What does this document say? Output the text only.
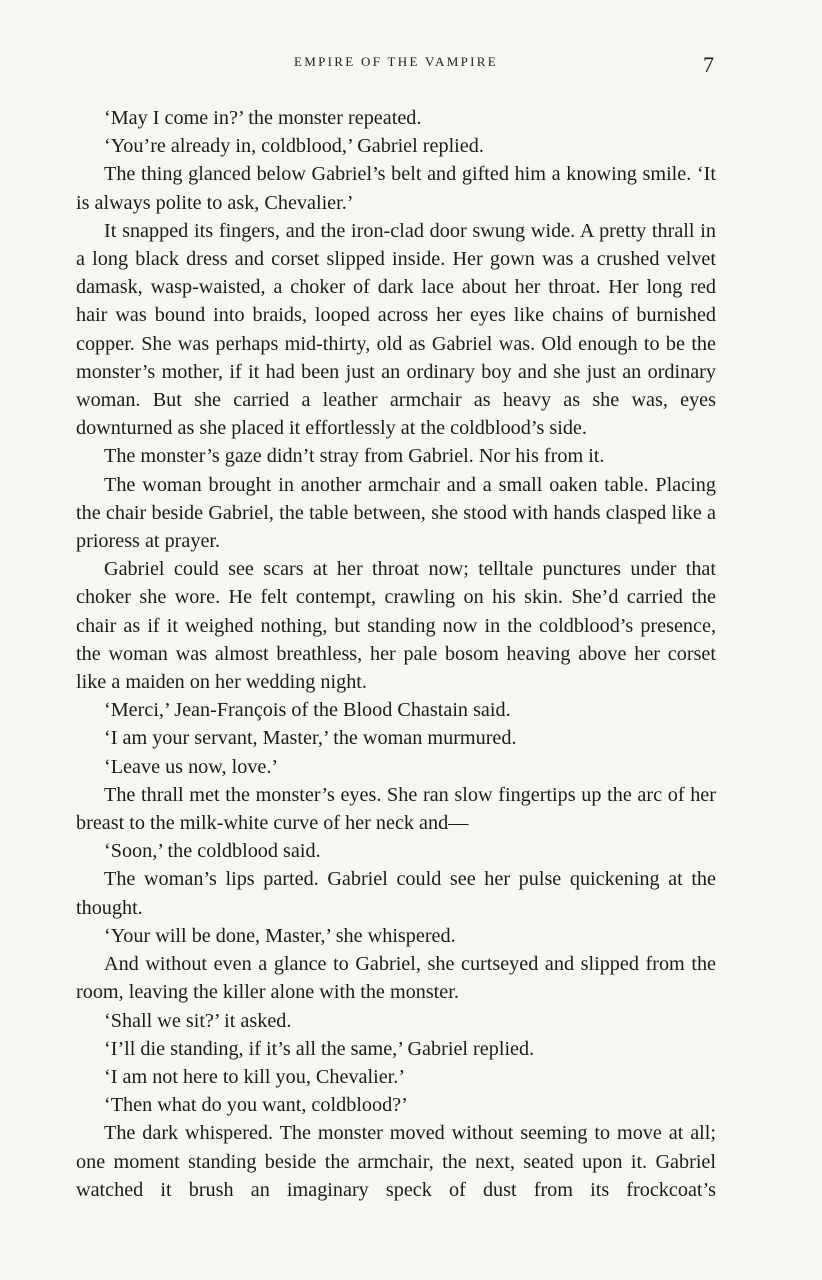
EMPIRE OF THE VAMPIRE	7

‘May I come in?’ the monster repeated.

‘You’re already in, coldblood,’ Gabriel replied.

The thing glanced below Gabriel’s belt and gifted him a knowing smile. ‘It is always polite to ask, Chevalier.’

It snapped its fingers, and the iron-clad door swung wide. A pretty thrall in a long black dress and corset slipped inside. Her gown was a crushed velvet damask, wasp-waisted, a choker of dark lace about her throat. Her long red hair was bound into braids, looped across her eyes like chains of burnished copper. She was perhaps mid-thirty, old as Gabriel was. Old enough to be the monster’s mother, if it had been just an ordinary boy and she just an ordinary woman. But she carried a leather armchair as heavy as she was, eyes downturned as she placed it effortlessly at the coldblood’s side.

The monster’s gaze didn’t stray from Gabriel. Nor his from it.

The woman brought in another armchair and a small oaken table. Placing the chair beside Gabriel, the table between, she stood with hands clasped like a prioress at prayer.

Gabriel could see scars at her throat now; telltale punctures under that choker she wore. He felt contempt, crawling on his skin. She’d carried the chair as if it weighed nothing, but standing now in the coldblood’s presence, the woman was almost breathless, her pale bosom heaving above her corset like a maiden on her wedding night.

‘Merci,’ Jean-François of the Blood Chastain said.

‘I am your servant, Master,’ the woman murmured.

‘Leave us now, love.’

The thrall met the monster’s eyes. She ran slow fingertips up the arc of her breast to the milk-white curve of her neck and—

‘Soon,’ the coldblood said.

The woman’s lips parted. Gabriel could see her pulse quickening at the thought.

‘Your will be done, Master,’ she whispered.

And without even a glance to Gabriel, she curtseyed and slipped from the room, leaving the killer alone with the monster.

‘Shall we sit?’ it asked.

‘I’ll die standing, if it’s all the same,’ Gabriel replied.

‘I am not here to kill you, Chevalier.’

‘Then what do you want, coldblood?’

The dark whispered. The monster moved without seeming to move at all; one moment standing beside the armchair, the next, seated upon it. Gabriel watched it brush an imaginary speck of dust from its frockcoat’s
